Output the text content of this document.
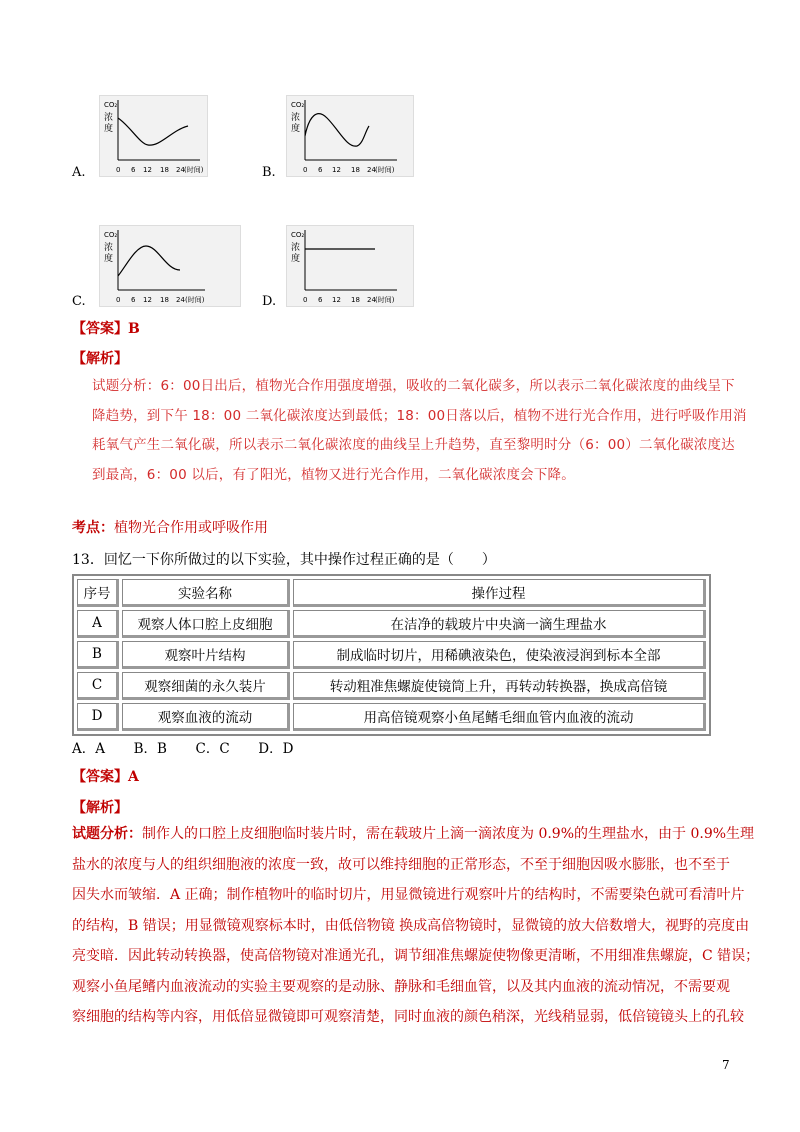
A.
CO₂
浓
度
0 6 12 18 24 (时间)	B.
CO₂
浓
度
0 6 12 18 24 (时间)
C.
CO₂
浓
度
0 6 12 18 24 (时间)	D.
CO₂
浓
度
0 6 12 18 24 (时间)
【答案】B
【解析】
试题分析：6：00日出后，植物光合作用强度增强，吸收的二氧化碳多，所以表示二氧化碳浓度的曲线呈下
降趋势，到下午 18：00 二氧化碳浓度达到最低；18：00日落以后，植物不进行光合作用，进行呼吸作用消
耗氧气产生二氧化碳，所以表示二氧化碳浓度的曲线呈上升趋势，直至黎明时分（6：00）二氧化碳浓度达
到最高，6：00 以后，有了阳光，植物又进行光合作用，二氧化碳浓度会下降。
考点：植物光合作用或呼吸作用
13．回忆一下你所做过的以下实验，其中操作过程正确的是（　　）
序号	实验名称	操作过程
A	观察人体口腔上皮细胞	在洁净的载玻片中央滴一滴生理盐水
B	观察叶片结构	制成临时切片，用稀碘液染色，使染液浸润到标本全部
C	观察细菌的永久装片	转动粗准焦螺旋使镜筒上升，再转动转换器，换成高倍镜
D	观察血液的流动	用高倍镜观察小鱼尾鳍毛细血管内血液的流动
A．A B．B C．C D．D
【答案】A
【解析】
试题分析：制作人的口腔上皮细胞临时装片时，需在载玻片上滴一滴浓度为 0.9%的生理盐水，由于 0.9%生理
盐水的浓度与人的组织细胞液的浓度一致，故可以维持细胞的正常形态，不至于细胞因吸水膨胀，也不至于
因失水而皱缩．A 正确；制作植物叶的临时切片，用显微镜进行观察叶片的结构时，不需要染色就可看清叶片
的结构，B 错误；用显微镜观察标本时，由低倍物镜 换成高倍物镜时，显微镜的放大倍数增大，视野的亮度由
亮变暗．因此转动转换器，使高倍物镜对准通光孔，调节细准焦螺旋使物像更清晰，不用细准焦螺旋，C 错误；
观察小鱼尾鳍内血液流动的实验主要观察的是动脉、静脉和毛细血管，以及其内血液的流动情况，不需要观
察细胞的结构等内容，用低倍显微镜即可观察清楚，同时血液的颜色稍深，光线稍显弱，低倍镜镜头上的孔较
7
